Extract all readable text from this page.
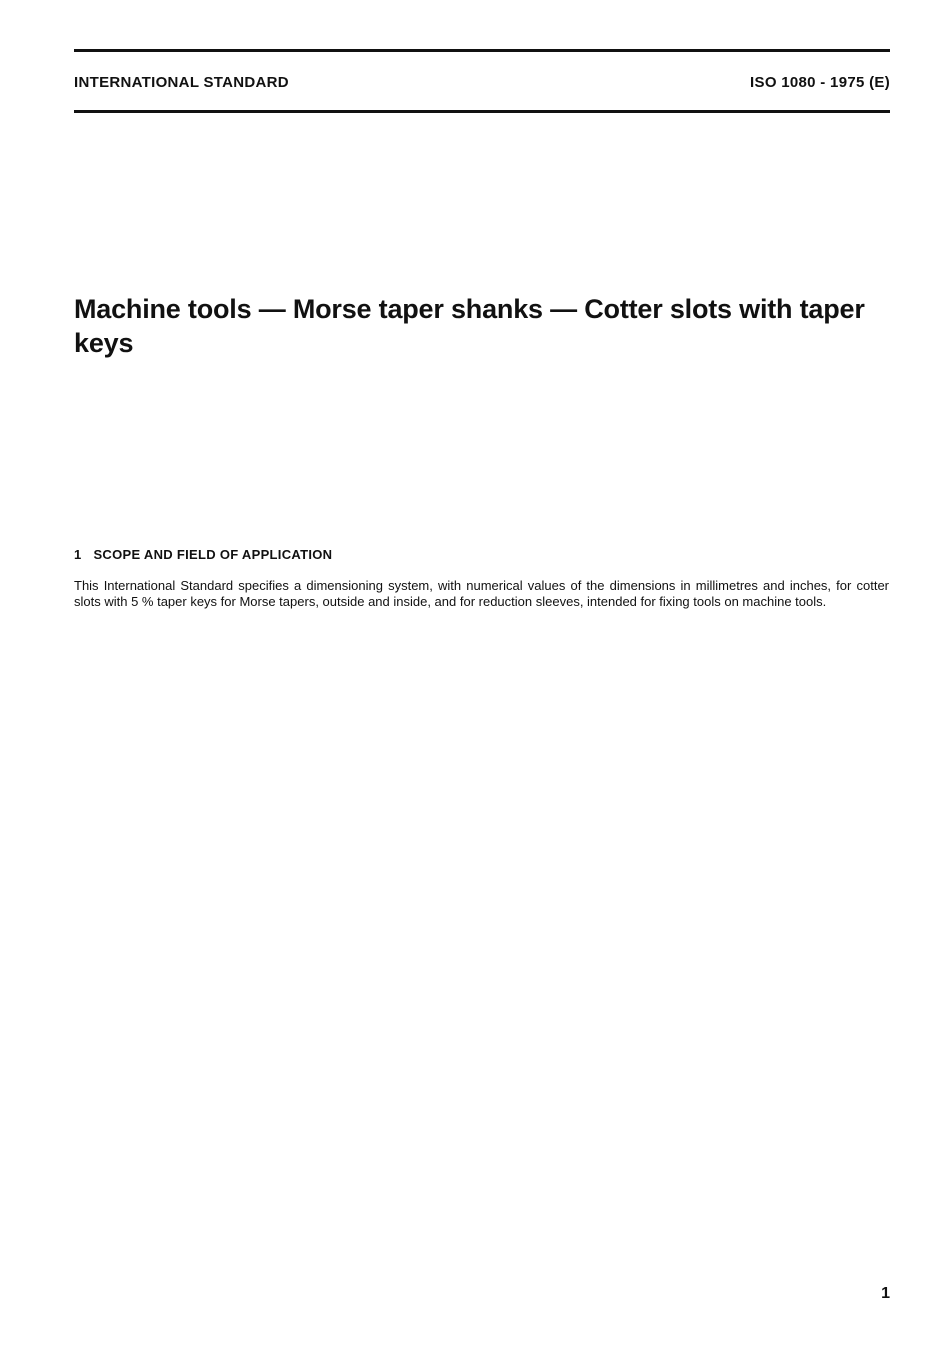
INTERNATIONAL STANDARD	ISO 1080 - 1975 (E)
Machine tools — Morse taper shanks — Cotter slots with taper keys
1 SCOPE AND FIELD OF APPLICATION

This International Standard specifies a dimensioning system, with numerical values of the dimensions in millimetres and inches, for cotter slots with 5 % taper keys for Morse tapers, outside and inside, and for reduction sleeves, intended for fixing tools on machine tools.

1
